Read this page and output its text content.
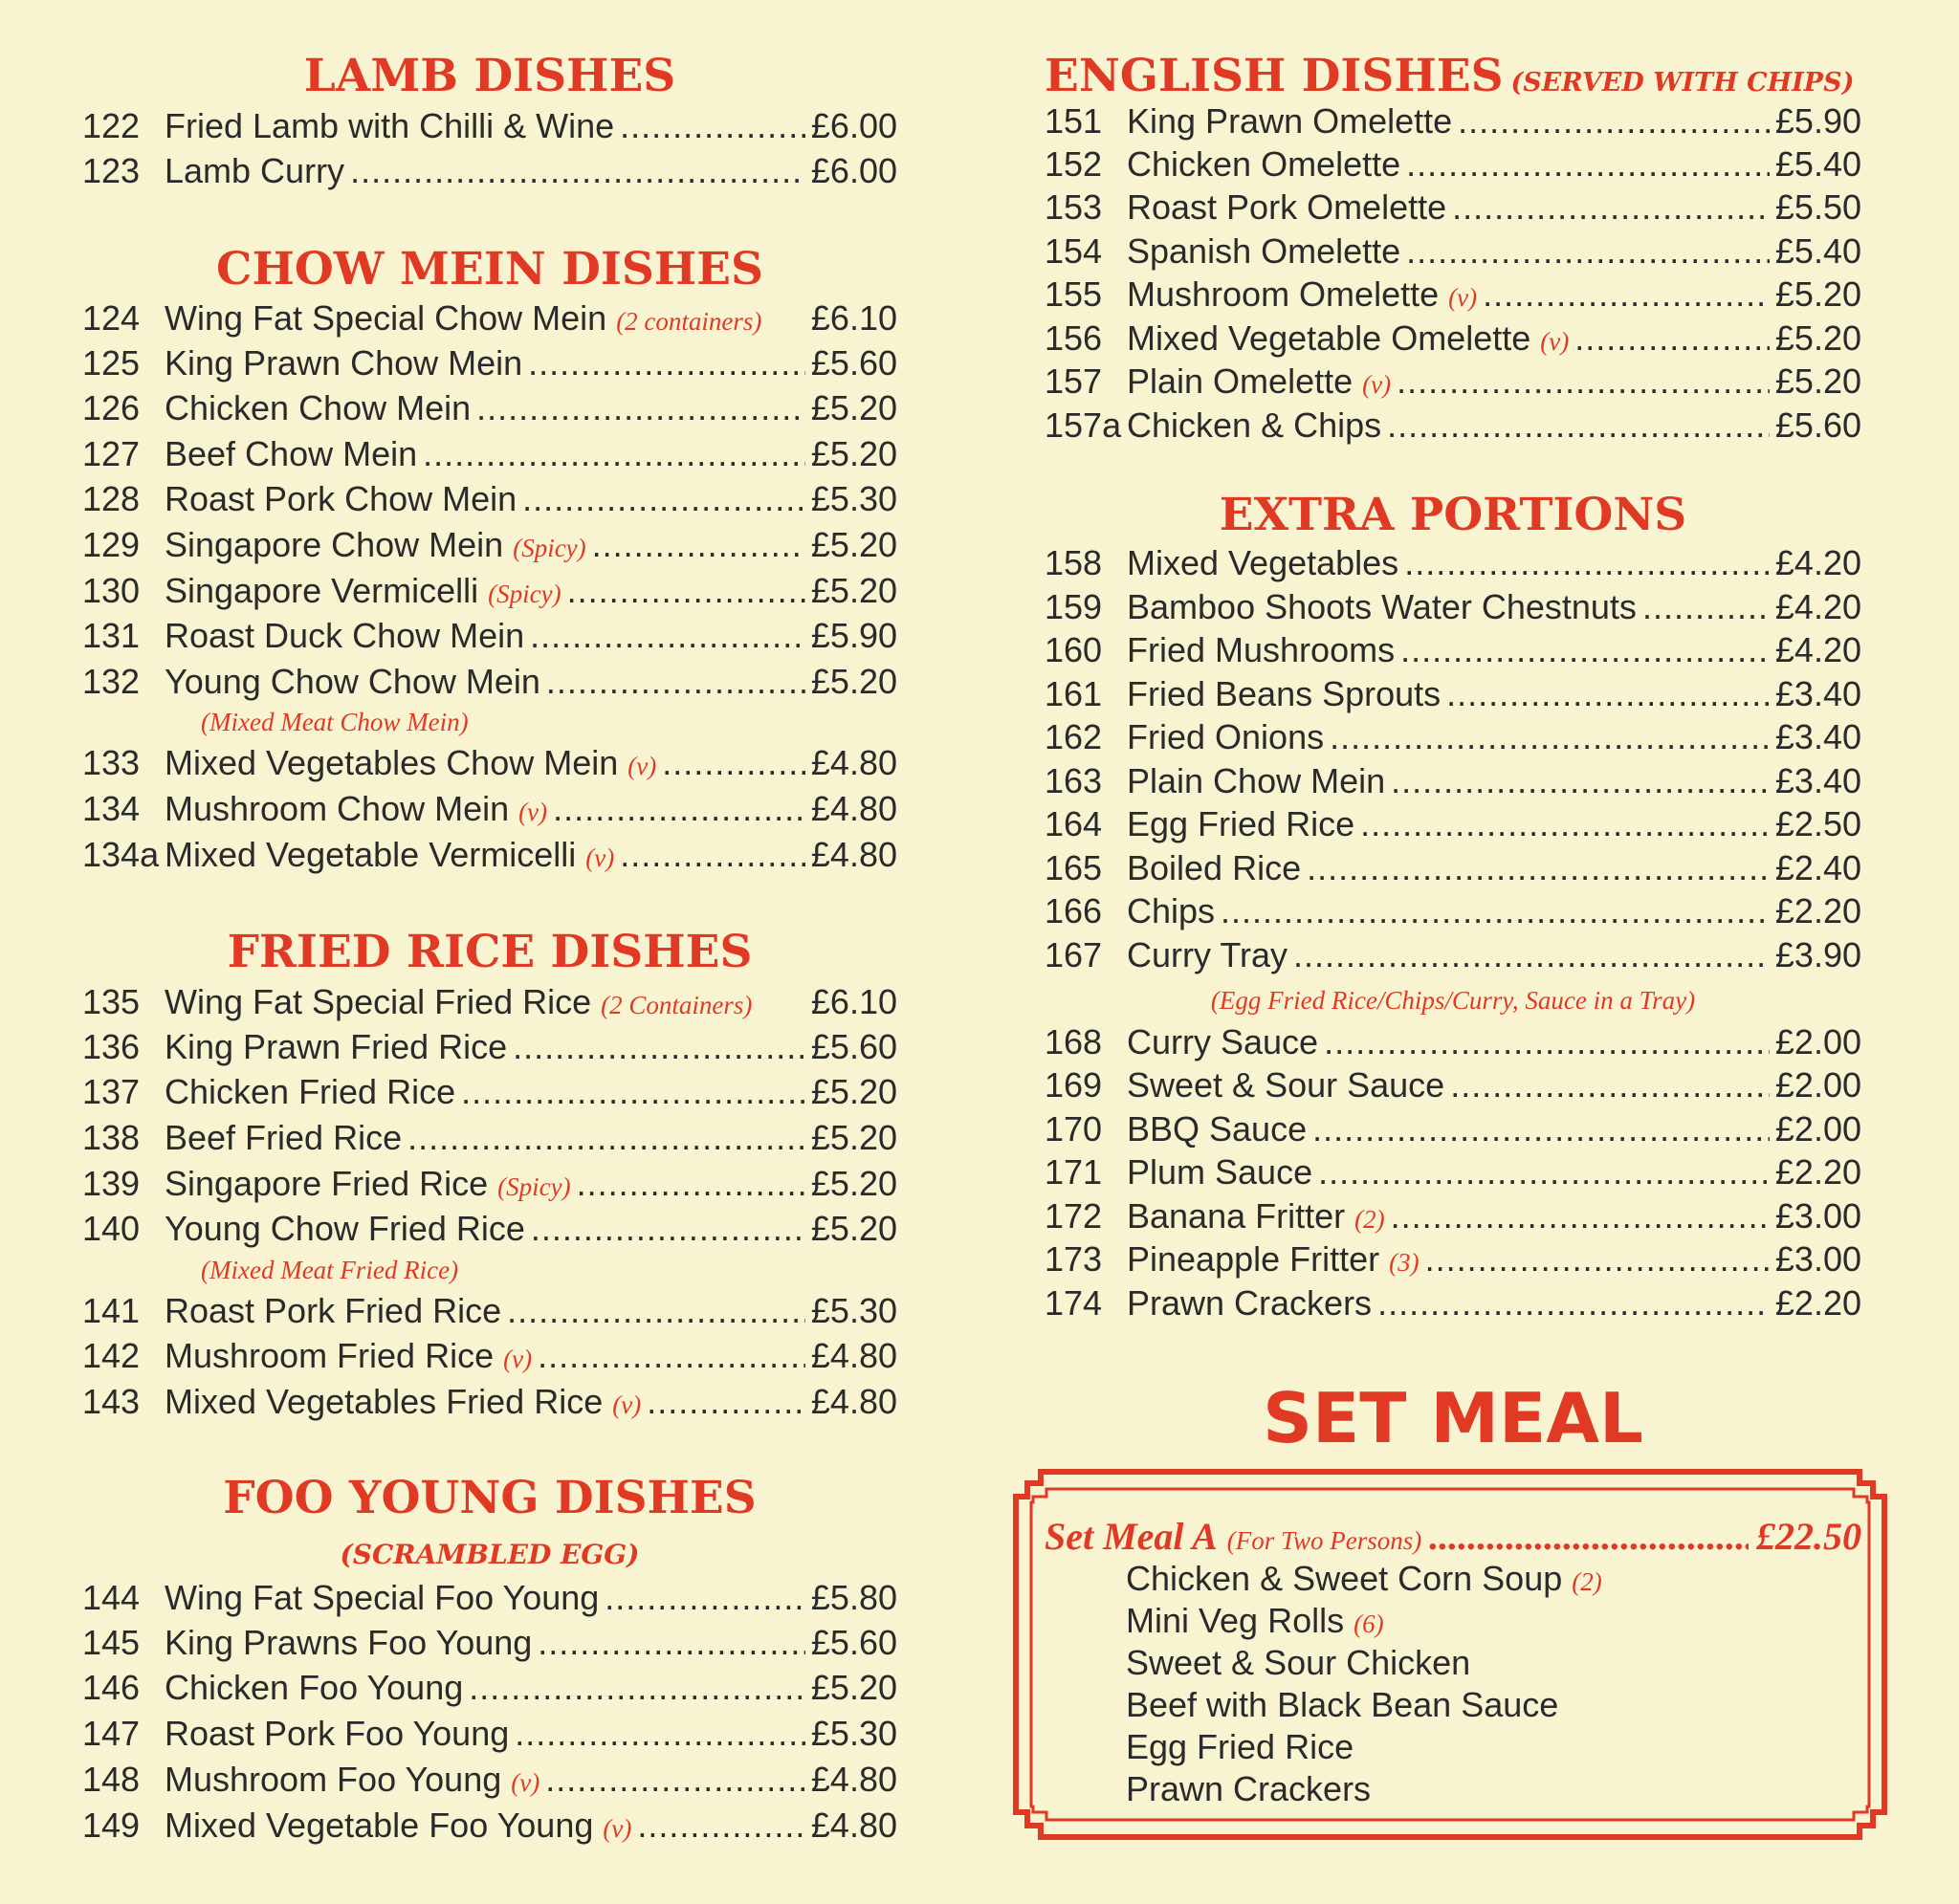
LAMB DISHES
122 Fried Lamb with Chilli & Wine .....	£6.00
123 Lamb Curry .....	£6.00
CHOW MEIN DISHES
124 Wing Fat Special Chow Mein (2 containers) £6.10
125 King Prawn Chow Mein .....	£5.60
126 Chicken Chow Mein .....	£5.20
127 Beef Chow Mein .....	£5.20
128 Roast Pork Chow Mein .....	£5.30
129 Singapore Chow Mein (Spicy) .....	£5.20
130 Singapore Vermicelli (Spicy) .....	£5.20
131 Roast Duck Chow Mein .....	£5.90
132 Young Chow Chow Mein .....	£5.20
(Mixed Meat Chow Mein)
133 Mixed Vegetables Chow Mein (v) .....	£4.80
134 Mushroom Chow Mein (v) .....	£4.80
134a Mixed Vegetable Vermicelli (v) .....	£4.80
FRIED RICE DISHES
135 Wing Fat Special Fried Rice (2 Containers) £6.10
136 King Prawn Fried Rice .....	£5.60
137 Chicken Fried Rice .....	£5.20
138 Beef Fried Rice .....	£5.20
139 Singapore Fried Rice (Spicy) .....	£5.20
140 Young Chow Fried Rice .....	£5.20
(Mixed Meat Fried Rice)
141 Roast Pork Fried Rice .....	£5.30
142 Mushroom Fried Rice (v) .....	£4.80
143 Mixed Vegetables Fried Rice (v) .....	£4.80
FOO YOUNG DISHES
(SCRAMBLED EGG)
144 Wing Fat Special Foo Young .....	£5.80
145 King Prawns Foo Young .....	£5.60
146 Chicken Foo Young .....	£5.20
147 Roast Pork Foo Young .....	£5.30
148 Mushroom Foo Young (v) .....	£4.80
149 Mixed Vegetable Foo Young (v) .....	£4.80
ENGLISH DISHES (SERVED WITH CHIPS)
151 King Prawn Omelette .....	£5.90
152 Chicken Omelette .....	£5.40
153 Roast Pork Omelette .....	£5.50
154 Spanish Omelette .....	£5.40
155 Mushroom Omelette (v) .....	£5.20
156 Mixed Vegetable Omelette (v) .....	£5.20
157 Plain Omelette (v) .....	£5.20
157a Chicken & Chips .....	£5.60
EXTRA PORTIONS
158 Mixed Vegetables .....	£4.20
159 Bamboo Shoots Water Chestnuts .....	£4.20
160 Fried Mushrooms .....	£4.20
161 Fried Beans Sprouts .....	£3.40
162 Fried Onions .....	£3.40
163 Plain Chow Mein .....	£3.40
164 Egg Fried Rice .....	£2.50
165 Boiled Rice .....	£2.40
166 Chips .....	£2.20
167 Curry Tray .....	£3.90
(Egg Fried Rice/Chips/Curry, Sauce in a Tray)
168 Curry Sauce .....	£2.00
169 Sweet & Sour Sauce .....	£2.00
170 BBQ Sauce .....	£2.00
171 Plum Sauce .....	£2.20
172 Banana Fritter (2) .....	£3.00
173 Pineapple Fritter (3) .....	£3.00
174 Prawn Crackers .....	£2.20
SET MEAL
Set Meal A (For Two Persons) .....	£22.50
Chicken & Sweet Corn Soup (2)
Mini Veg Rolls (6)
Sweet & Sour Chicken
Beef with Black Bean Sauce
Egg Fried Rice
Prawn Crackers
